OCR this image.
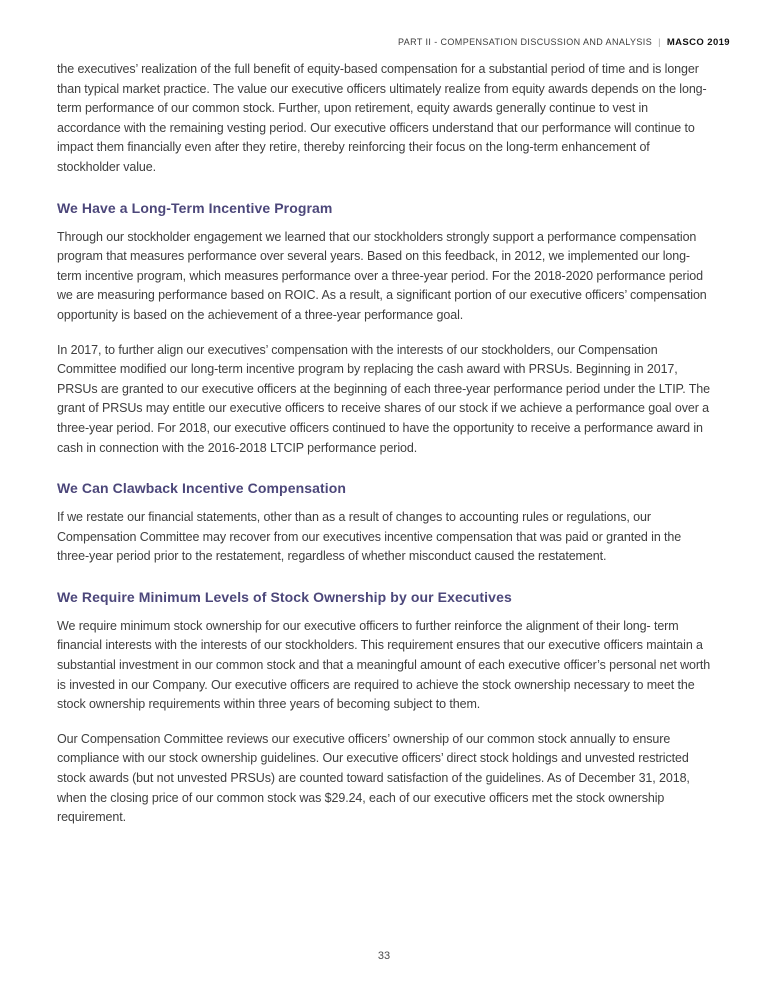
PART II - COMPENSATION DISCUSSION AND ANALYSIS | MASCO 2019

the executives’ realization of the full benefit of equity-based compensation for a substantial period of time and is longer than typical market practice. The value our executive officers ultimately realize from equity awards depends on the long-term performance of our common stock. Further, upon retirement, equity awards generally continue to vest in accordance with the remaining vesting period. Our executive officers understand that our performance will continue to impact them financially even after they retire, thereby reinforcing their focus on the long-term enhancement of stockholder value.

We Have a Long-Term Incentive Program

Through our stockholder engagement we learned that our stockholders strongly support a performance compensation program that measures performance over several years. Based on this feedback, in 2012, we implemented our long-term incentive program, which measures performance over a three-year period. For the 2018-2020 performance period we are measuring performance based on ROIC. As a result, a significant portion of our executive officers’ compensation opportunity is based on the achievement of a three-year performance goal.

In 2017, to further align our executives’ compensation with the interests of our stockholders, our Compensation Committee modified our long-term incentive program by replacing the cash award with PRSUs. Beginning in 2017, PRSUs are granted to our executive officers at the beginning of each three-year performance period under the LTIP. The grant of PRSUs may entitle our executive officers to receive shares of our stock if we achieve a performance goal over a three-year period. For 2018, our executive officers continued to have the opportunity to receive a performance award in cash in connection with the 2016-2018 LTCIP performance period.

We Can Clawback Incentive Compensation

If we restate our financial statements, other than as a result of changes to accounting rules or regulations, our Compensation Committee may recover from our executives incentive compensation that was paid or granted in the three-year period prior to the restatement, regardless of whether misconduct caused the restatement.

We Require Minimum Levels of Stock Ownership by our Executives

We require minimum stock ownership for our executive officers to further reinforce the alignment of their long- term financial interests with the interests of our stockholders. This requirement ensures that our executive officers maintain a substantial investment in our common stock and that a meaningful amount of each executive officer’s personal net worth is invested in our Company. Our executive officers are required to achieve the stock ownership necessary to meet the stock ownership requirements within three years of becoming subject to them.

Our Compensation Committee reviews our executive officers’ ownership of our common stock annually to ensure compliance with our stock ownership guidelines. Our executive officers’ direct stock holdings and unvested restricted stock awards (but not unvested PRSUs) are counted toward satisfaction of the guidelines. As of December 31, 2018, when the closing price of our common stock was $29.24, each of our executive officers met the stock ownership requirement.

33
